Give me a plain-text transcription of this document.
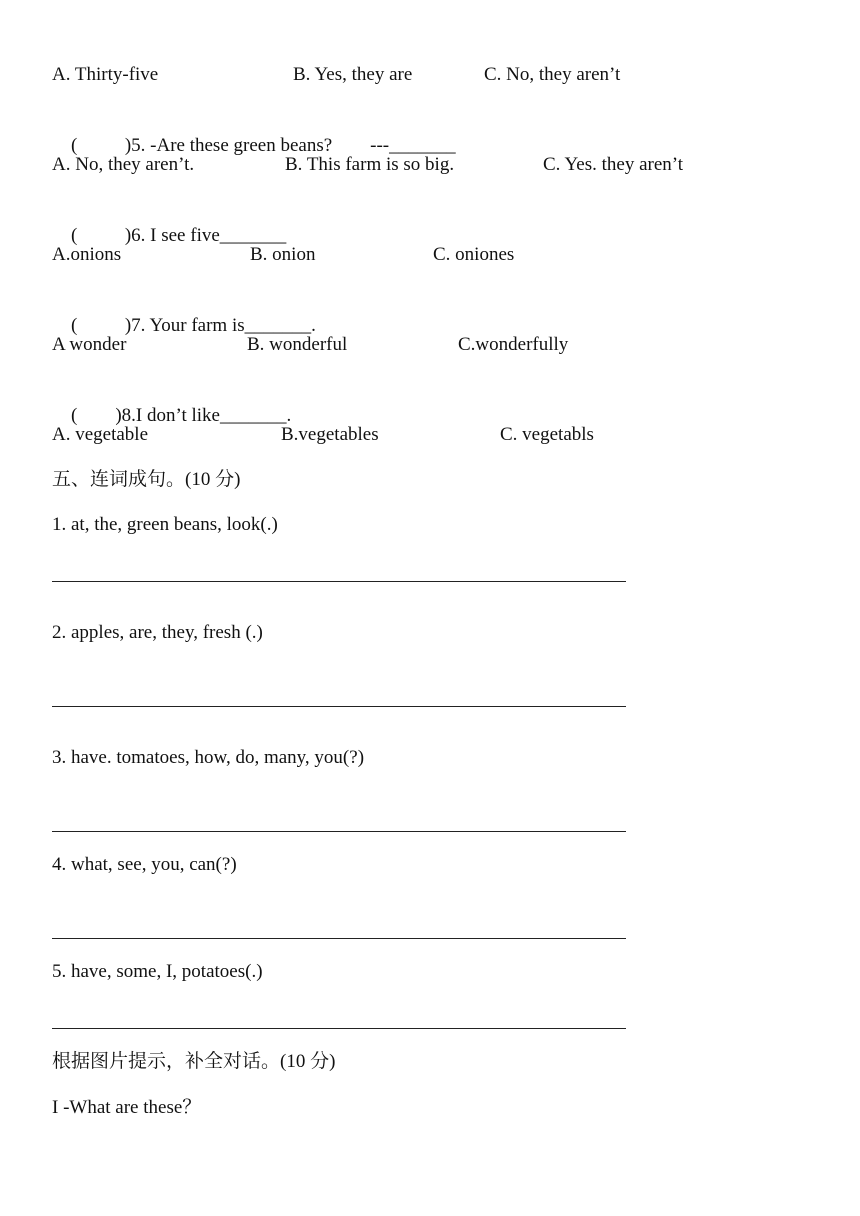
A. Thirty-five

	B. Yes, they are

	C. No, they aren’t

(          )5. -Are these green beans?        ---_______

A. No, they aren’t.

	B. This farm is so big.

	C. Yes. they aren’t

(          )6. I see five_______

A.onions

	B. onion

	C. oniones

(          )7. Your farm is_______.

A wonder

	B. wonderful

	C.wonderfully

(        )8.I don’t like_______.

A. vegetable

	B.vegetables

	C. vegetabls

五、连词成句。(10 分)
1. at, the, green beans, look(.)
2. apples, are, they, fresh (.)
3. have. tomatoes, how, do, many, you(?)
4. what, see, you, can(?)
5. have, some, I, potatoes(.)
根据图片提示，补全对话。(10 分)
I -What are these？
